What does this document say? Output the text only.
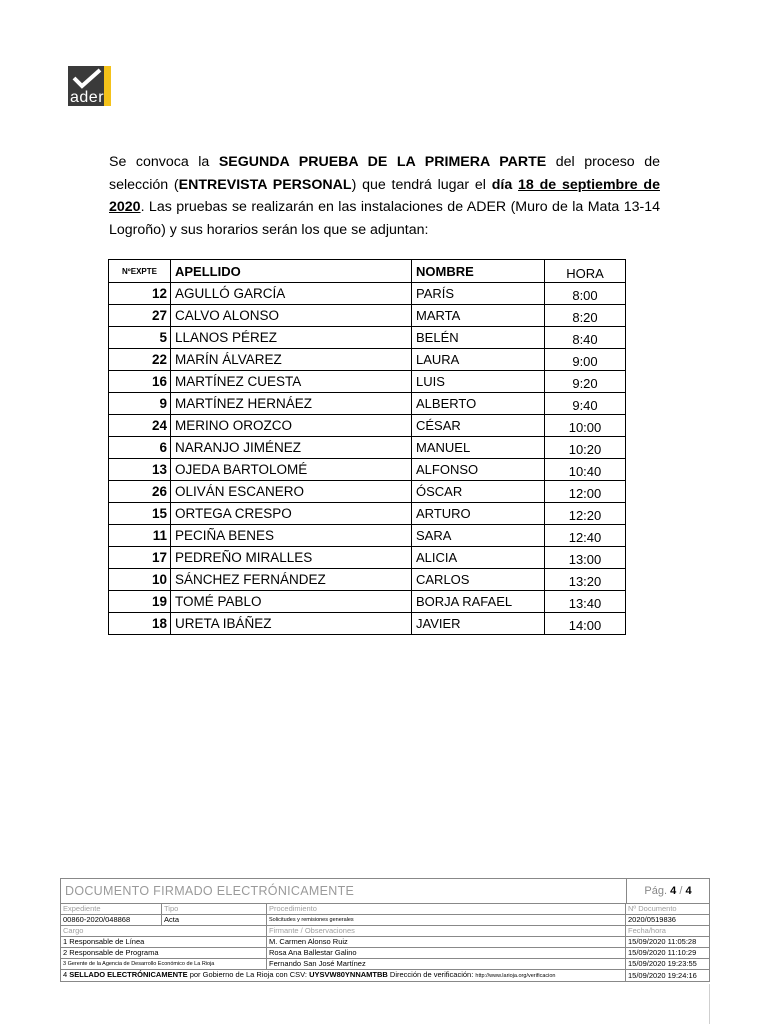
ader
Se convoca la SEGUNDA PRUEBA DE LA PRIMERA PARTE del proceso de selección (ENTREVISTA PERSONAL) que tendrá lugar el día 18 de septiembre de 2020. Las pruebas se realizarán en las instalaciones de ADER (Muro de la Mata 13-14 Logroño) y sus horarios serán los que se adjuntan:
NºEXPTE	APELLIDO	NOMBRE	HORA
12	AGULLÓ GARCÍA	PARÍS	8:00
27	CALVO ALONSO	MARTA	8:20
5	LLANOS PÉREZ	BELÉN	8:40
22	MARÍN ÁLVAREZ	LAURA	9:00
16	MARTÍNEZ CUESTA	LUIS	9:20
9	MARTÍNEZ HERNÁEZ	ALBERTO	9:40
24	MERINO OROZCO	CÉSAR	10:00
6	NARANJO JIMÉNEZ	MANUEL	10:20
13	OJEDA BARTOLOMÉ	ALFONSO	10:40
26	OLIVÁN ESCANERO	ÓSCAR	12:00
15	ORTEGA CRESPO	ARTURO	12:20
11	PECIÑA BENES	SARA	12:40
17	PEDREÑO MIRALLES	ALICIA	13:00
10	SÁNCHEZ FERNÁNDEZ	CARLOS	13:20
19	TOMÉ PABLO	BORJA RAFAEL	13:40
18	URETA IBÁÑEZ	JAVIER	14:00
DOCUMENTO FIRMADO ELECTRÓNICAMENTE	Pág. 4 / 4
Expediente	Tipo	Procedimiento	Nº Documento
00860-2020/048868	Acta	Solicitudes y remisiones generales	2020/0519836
Cargo		Firmante / Observaciones	Fecha/hora
1 Responsable de Línea		M. Carmen Alonso Ruiz	15/09/2020 11:05:28
2 Responsable de Programa		Rosa Ana Ballestar Galino	15/09/2020 11:10:29
3 Gerente de la Agencia de Desarrollo Económico de La Rioja		Fernando San José Martínez	15/09/2020 19:23:55
4 SELLADO ELECTRÓNICAMENTE por Gobierno de La Rioja con CSV: UYSVW80YNNAMTBB Dirección de verificación: http://www.larioja.org/verificacion			15/09/2020 19:24:16
